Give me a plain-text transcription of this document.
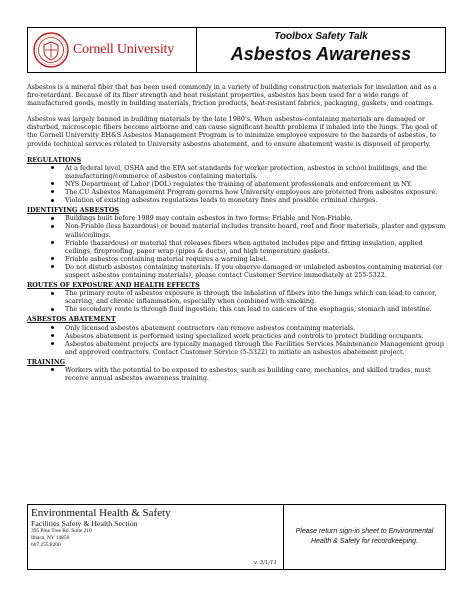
Cornell University
Toolbox Safety Talk
Asbestos Awareness

Asbestos is a mineral fiber that has been used commonly in a variety of building construction materials for insulation and as a fire-retardant. Because of its fiber strength and heat resistant properties, asbestos has been used for a wide range of manufactured goods, mostly in building materials, friction products, heat-resistant fabrics, packaging, gaskets, and coatings.

Asbestos was largely banned in building materials by the late 1980's. When asbestos-containing materials are damaged or disturbed, microscopic fibers become airborne and can cause significant health problems if inhaled into the lungs. The goal of the Cornell University EH&S Asbestos Management Program is to minimize employee exposure to the hazards of asbestos, to provide technical services related to University asbestos abatement, and to ensure abatement waste is disposed of properly.

REGULATIONS
At a federal level, OSHA and the EPA set standards for worker protection, asbestos in school buildings, and the manufacturing/commerce of asbestos containing materials.
NYS Department of Labor (DOL) regulates the training of abatement professionals and enforcement in NY.
The CU Asbestos Management Program governs how University employees are protected from asbestos exposure.
Violation of existing asbestos regulations leads to monetary fines and possible criminal charges.
IDENTIFYING ASBESTOS
Buildings built before 1989 may contain asbestos in two forms: Friable and Non-Friable.
Non-Friable (less hazardous) or bound material includes transite board, roof and floor materials, plaster and gypsum walls/ceilings.
Friable (hazardous) or material that releases fibers when agitated includes pipe and fitting insulation, applied ceilings, fireproofing, paper wrap (pipes & ducts), and high temperature gaskets.
Friable asbestos containing material requires a warning label.
Do not disturb asbestos containing materials. If you observe damaged or unlabeled asbestos containing material (or suspect asbestos containing materials), please contact Customer Service immediately at 255-5322.
ROUTES OF EXPOSURE AND HEALTH EFFECTS
The primary route of asbestos exposure is through the inhalation of fibers into the lungs which can lead to cancer, scarring, and chronic inflammation, especially when combined with smoking.
The secondary route is through fluid ingestion; this can lead to cancers of the esophagus, stomach and intestine.
ASBESTOS ABATEMENT
Only licensed asbestos abatement contractors can remove asbestos containing materials.
Asbestos abatement is performed using specialized work practices and controls to protect building occupants.
Asbestos abatement projects are typically managed through the Facilities Services Maintenance Management group and approved contractors. Contact Customer Service (5-5322) to initiate an asbestos abatement project.
TRAINING
Workers with the potential to be exposed to asbestos, such as building care, mechanics, and skilled trades, must receive annual asbestos awareness training.
Environmental Health & Safety
Facilities Safety & Health Section
395 Pine Tree Rd. Suite 210
Ithaca, NY 14850
607.255.8200
v. 3/1/11
Please return sign-in sheet to Environmental Health & Safety for recordkeeping.
